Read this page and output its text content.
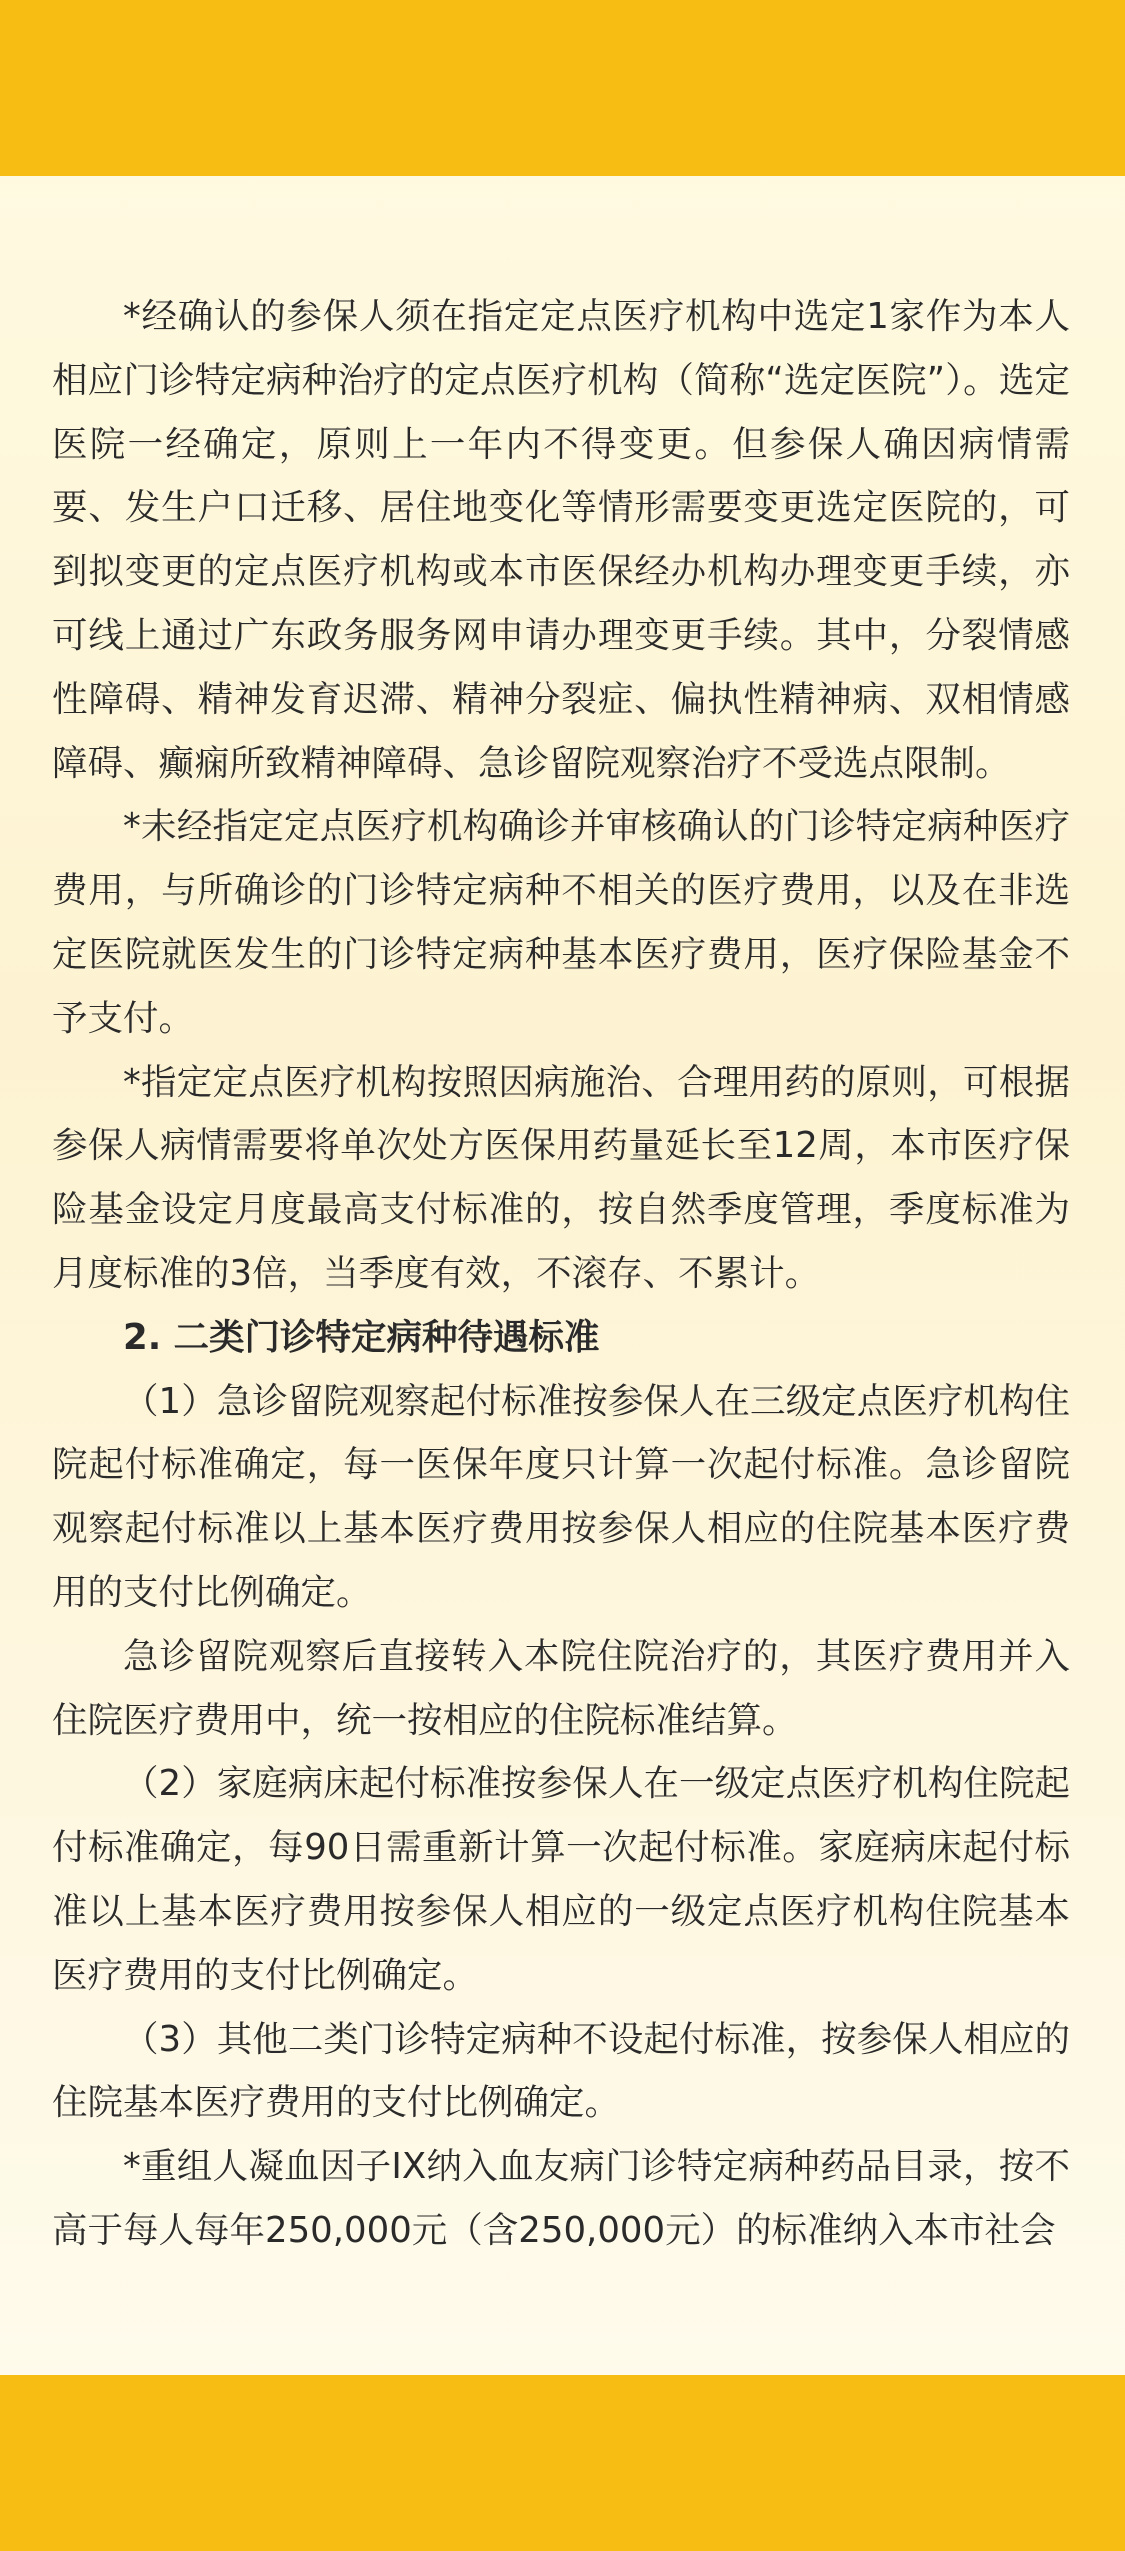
*经确认的参保人须在指定定点医疗机构中选定1家作为本人相应门诊特定病种治疗的定点医疗机构（简称“选定医院”）。选定医院一经确定，原则上一年内不得变更。但参保人确因病情需要、发生户口迁移、居住地变化等情形需要变更选定医院的，可到拟变更的定点医疗机构或本市医保经办机构办理变更手续，亦可线上通过广东政务服务网申请办理变更手续。其中，分裂情感性障碍、精神发育迟滞、精神分裂症、偏执性精神病、双相情感障碍、癫痫所致精神障碍、急诊留院观察治疗不受选点限制。

*未经指定定点医疗机构确诊并审核确认的门诊特定病种医疗费用，与所确诊的门诊特定病种不相关的医疗费用，以及在非选定医院就医发生的门诊特定病种基本医疗费用，医疗保险基金不予支付。

*指定定点医疗机构按照因病施治、合理用药的原则，可根据参保人病情需要将单次处方医保用药量延长至12周，本市医疗保险基金设定月度最高支付标准的，按自然季度管理，季度标准为月度标准的3倍，当季度有效，不滚存、不累计。

2. 二类门诊特定病种待遇标准

（1）急诊留院观察起付标准按参保人在三级定点医疗机构住院起付标准确定，每一医保年度只计算一次起付标准。急诊留院观察起付标准以上基本医疗费用按参保人相应的住院基本医疗费用的支付比例确定。

急诊留院观察后直接转入本院住院治疗的，其医疗费用并入住院医疗费用中，统一按相应的住院标准结算。

（2）家庭病床起付标准按参保人在一级定点医疗机构住院起付标准确定，每90日需重新计算一次起付标准。家庭病床起付标准以上基本医疗费用按参保人相应的一级定点医疗机构住院基本医疗费用的支付比例确定。

（3）其他二类门诊特定病种不设起付标准，按参保人相应的住院基本医疗费用的支付比例确定。

*重组人凝血因子IX纳入血友病门诊特定病种药品目录，按不高于每人每年250,000元（含250,000元）的标准纳入本市社会
